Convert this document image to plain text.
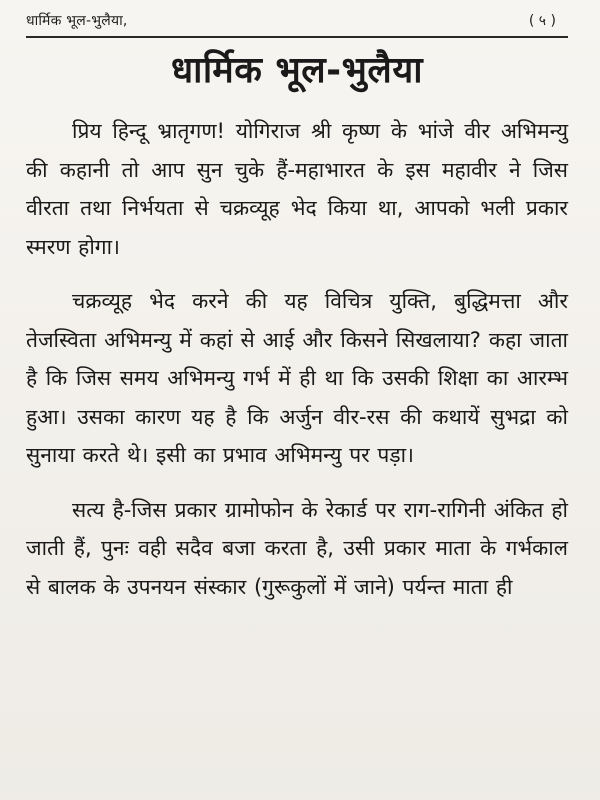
धार्मिक भूल-भुलैया,	( ५ )
धार्मिक भूल-भुलैया

प्रिय हिन्दू भ्रातृगण! योगिराज श्री कृष्ण के भांजे वीर अभिमन्यु की कहानी तो आप सुन चुके हैं-महाभारत के इस महावीर ने जिस वीरता तथा निर्भयता से चक्रव्यूह भेद किया था, आपको भली प्रकार स्मरण होगा।

चक्रव्यूह भेद करने की यह विचित्र युक्ति, बुद्धिमत्ता और तेजस्विता अभिमन्यु में कहां से आई और किसने सिखलाया? कहा जाता है कि जिस समय अभिमन्यु गर्भ में ही था कि उसकी शिक्षा का आरम्भ हुआ। उसका कारण यह है कि अर्जुन वीर-रस की कथायें सुभद्रा को सुनाया करते थे। इसी का प्रभाव अभिमन्यु पर पड़ा।

सत्य है-जिस प्रकार ग्रामोफोन के रेकार्ड पर राग-रागिनी अंकित हो जाती हैं, पुनः वही सदैव बजा करता है, उसी प्रकार माता के गर्भकाल से बालक के उपनयन संस्कार (गुरूकुलों में जाने) पर्यन्त माता ही
